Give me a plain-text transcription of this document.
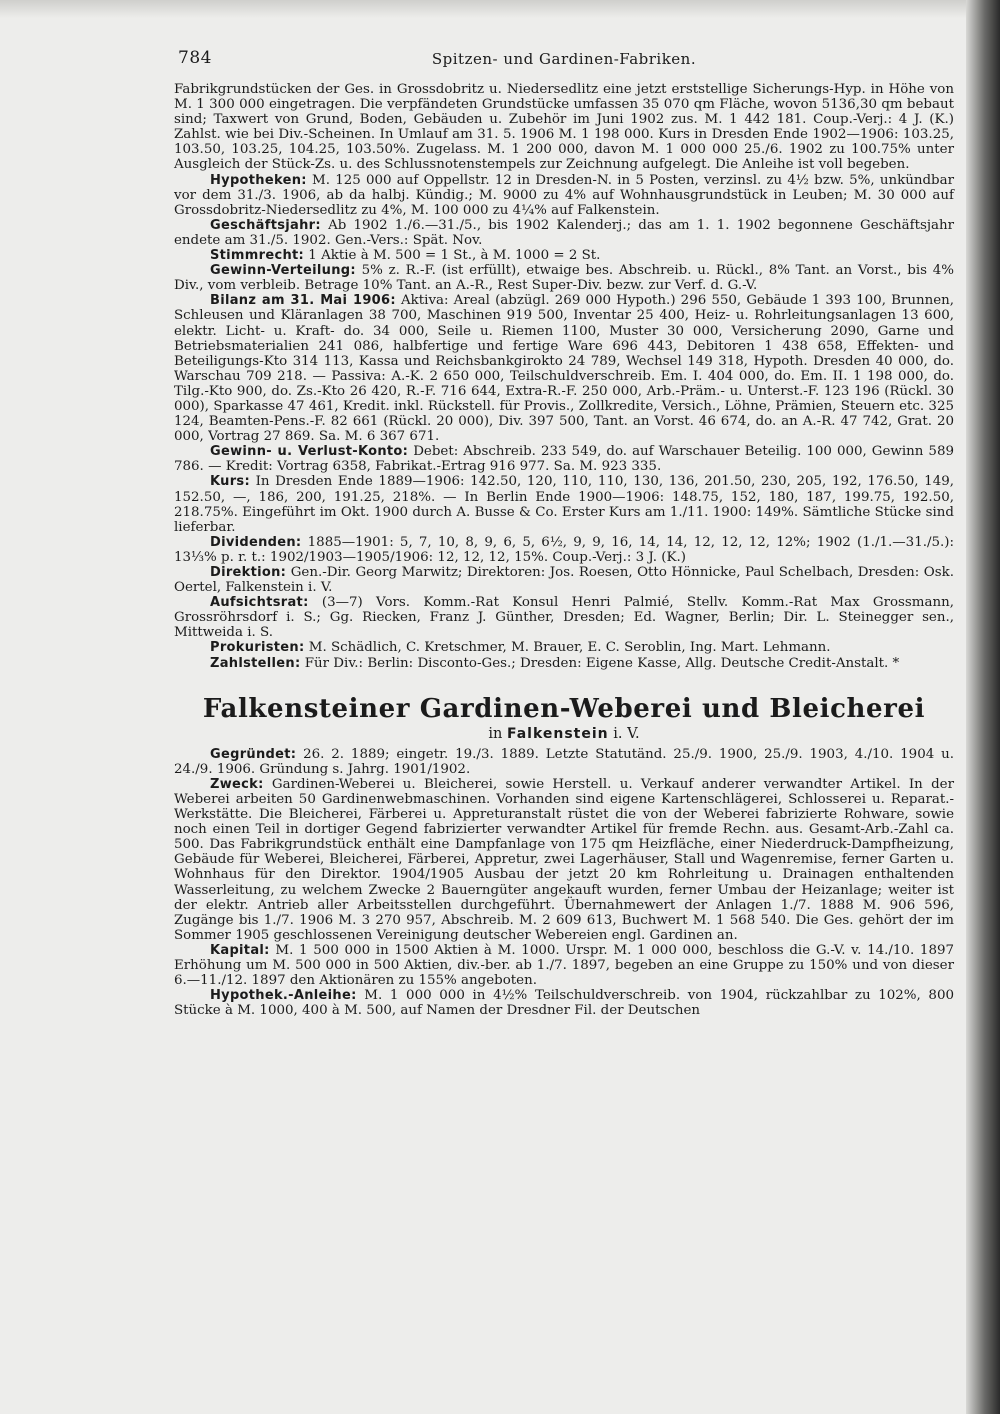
784	Spitzen- und Gardinen-Fabriken.

Fabrikgrundstücken der Ges. in Grossdobritz u. Niedersedlitz eine jetzt erststellige Sicherungs-Hyp. in Höhe von M. 1 300 000 eingetragen. Die verpfändeten Grundstücke umfassen 35 070 qm Fläche, wovon 5136,30 qm bebaut sind; Taxwert von Grund, Boden, Gebäuden u. Zubehör im Juni 1902 zus. M. 1 442 181. Coup.-Verj.: 4 J. (K.) Zahlst. wie bei Div.-Scheinen. In Umlauf am 31. 5. 1906 M. 1 198 000. Kurs in Dresden Ende 1902—1906: 103.25, 103.50, 103.25, 104.25, 103.50%. Zugelass. M. 1 200 000, davon M. 1 000 000 25./6. 1902 zu 100.75% unter Ausgleich der Stück-Zs. u. des Schlussnotenstempels zur Zeichnung aufgelegt. Die Anleihe ist voll begeben.

Hypotheken: M. 125 000 auf Oppellstr. 12 in Dresden-N. in 5 Posten, verzinsl. zu 4½ bzw. 5%, unkündbar vor dem 31./3. 1906, ab da halbj. Kündig.; M. 9000 zu 4% auf Wohnhausgrundstück in Leuben; M. 30 000 auf Grossdobritz-Niedersedlitz zu 4%, M. 100 000 zu 4¼% auf Falkenstein.

Geschäftsjahr: Ab 1902 1./6.—31./5., bis 1902 Kalenderj.; das am 1. 1. 1902 begonnene Geschäftsjahr endete am 31./5. 1902. Gen.-Vers.: Spät. Nov.

Stimmrecht: 1 Aktie à M. 500 = 1 St., à M. 1000 = 2 St.

Gewinn-Verteilung: 5% z. R.-F. (ist erfüllt), etwaige bes. Abschreib. u. Rückl., 8% Tant. an Vorst., bis 4% Div., vom verbleib. Betrage 10% Tant. an A.-R., Rest Super-Div. bezw. zur Verf. d. G.-V.

Bilanz am 31. Mai 1906: Aktiva: Areal (abzügl. 269 000 Hypoth.) 296 550, Gebäude 1 393 100, Brunnen, Schleusen und Kläranlagen 38 700, Maschinen 919 500, Inventar 25 400, Heiz- u. Rohrleitungsanlagen 13 600, elektr. Licht- u. Kraft- do. 34 000, Seile u. Riemen 1100, Muster 30 000, Versicherung 2090, Garne und Betriebsmaterialien 241 086, halbfertige und fertige Ware 696 443, Debitoren 1 438 658, Effekten- und Beteiligungs-Kto 314 113, Kassa und Reichsbankgirokto 24 789, Wechsel 149 318, Hypoth. Dresden 40 000, do. Warschau 709 218. — Passiva: A.-K. 2 650 000, Teilschuldverschreib. Em. I. 404 000, do. Em. II. 1 198 000, do. Tilg.-Kto 900, do. Zs.-Kto 26 420, R.-F. 716 644, Extra-R.-F. 250 000, Arb.-Präm.- u. Unterst.-F. 123 196 (Rückl. 30 000), Sparkasse 47 461, Kredit. inkl. Rückstell. für Provis., Zollkredite, Versich., Löhne, Prämien, Steuern etc. 325 124, Beamten-Pens.-F. 82 661 (Rückl. 20 000), Div. 397 500, Tant. an Vorst. 46 674, do. an A.-R. 47 742, Grat. 20 000, Vortrag 27 869. Sa. M. 6 367 671.

Gewinn- u. Verlust-Konto: Debet: Abschreib. 233 549, do. auf Warschauer Beteilig. 100 000, Gewinn 589 786. — Kredit: Vortrag 6358, Fabrikat.-Ertrag 916 977. Sa. M. 923 335.

Kurs: In Dresden Ende 1889—1906: 142.50, 120, 110, 110, 130, 136, 201.50, 230, 205, 192, 176.50, 149, 152.50, —, 186, 200, 191.25, 218%. — In Berlin Ende 1900—1906: 148.75, 152, 180, 187, 199.75, 192.50, 218.75%. Eingeführt im Okt. 1900 durch A. Busse & Co. Erster Kurs am 1./11. 1900: 149%. Sämtliche Stücke sind lieferbar.

Dividenden: 1885—1901: 5, 7, 10, 8, 9, 6, 5, 6½, 9, 9, 16, 14, 14, 12, 12, 12, 12%; 1902 (1./1.—31./5.): 13⅓% p. r. t.: 1902/1903—1905/1906: 12, 12, 12, 15%. Coup.-Verj.: 3 J. (K.)

Direktion: Gen.-Dir. Georg Marwitz; Direktoren: Jos. Roesen, Otto Hönnicke, Paul Schelbach, Dresden: Osk. Oertel, Falkenstein i. V.

Aufsichtsrat: (3—7) Vors. Komm.-Rat Konsul Henri Palmié, Stellv. Komm.-Rat Max Grossmann, Grossröhrsdorf i. S.; Gg. Riecken, Franz J. Günther, Dresden; Ed. Wagner, Berlin; Dir. L. Steinegger sen., Mittweida i. S.

Prokuristen: M. Schädlich, C. Kretschmer, M. Brauer, E. C. Seroblin, Ing. Mart. Lehmann.

Zahlstellen: Für Div.: Berlin: Disconto-Ges.; Dresden: Eigene Kasse, Allg. Deutsche Credit-Anstalt. *

Falkensteiner Gardinen-Weberei und Bleicherei
in Falkenstein i. V.

Gegründet: 26. 2. 1889; eingetr. 19./3. 1889. Letzte Statutänd. 25./9. 1900, 25./9. 1903, 4./10. 1904 u. 24./9. 1906. Gründung s. Jahrg. 1901/1902.

Zweck: Gardinen-Weberei u. Bleicherei, sowie Herstell. u. Verkauf anderer verwandter Artikel. In der Weberei arbeiten 50 Gardinenwebmaschinen. Vorhanden sind eigene Kartenschlägerei, Schlosserei u. Reparat.-Werkstätte. Die Bleicherei, Färberei u. Appreturanstalt rüstet die von der Weberei fabrizierte Rohware, sowie noch einen Teil in dortiger Gegend fabrizierter verwandter Artikel für fremde Rechn. aus. Gesamt-Arb.-Zahl ca. 500. Das Fabrikgrundstück enthält eine Dampfanlage von 175 qm Heizfläche, einer Niederdruck-Dampfheizung, Gebäude für Weberei, Bleicherei, Färberei, Appretur, zwei Lagerhäuser, Stall und Wagenremise, ferner Garten u. Wohnhaus für den Direktor. 1904/1905 Ausbau der jetzt 20 km Rohrleitung u. Drainagen enthaltenden Wasserleitung, zu welchem Zwecke 2 Bauerngüter angekauft wurden, ferner Umbau der Heizanlage; weiter ist der elektr. Antrieb aller Arbeitsstellen durchgeführt. Übernahmewert der Anlagen 1./7. 1888 M. 906 596, Zugänge bis 1./7. 1906 M. 3 270 957, Abschreib. M. 2 609 613, Buchwert M. 1 568 540. Die Ges. gehört der im Sommer 1905 geschlossenen Vereinigung deutscher Webereien engl. Gardinen an.

Kapital: M. 1 500 000 in 1500 Aktien à M. 1000. Urspr. M. 1 000 000, beschloss die G.-V. v. 14./10. 1897 Erhöhung um M. 500 000 in 500 Aktien, div.-ber. ab 1./7. 1897, begeben an eine Gruppe zu 150% und von dieser 6.—11./12. 1897 den Aktionären zu 155% angeboten.

Hypothek.-Anleihe: M. 1 000 000 in 4½% Teilschuldverschreib. von 1904, rückzahlbar zu 102%, 800 Stücke à M. 1000, 400 à M. 500, auf Namen der Dresdner Fil. der Deutschen
